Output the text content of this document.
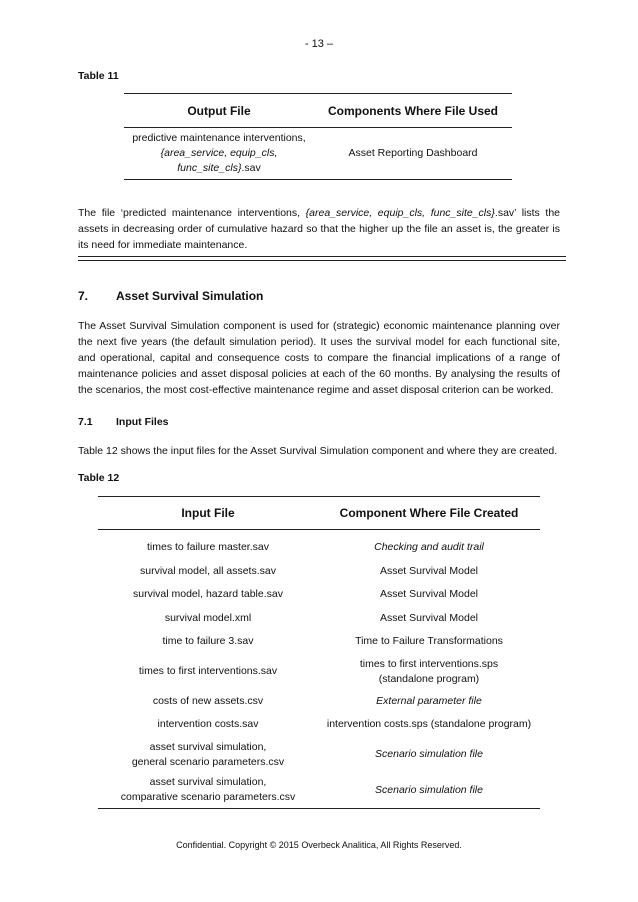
- 13 –
Table 11
Output File	Components Where File Used

predictive maintenance interventions,
{area_service, equip_cls,
func_site_cls}.sav	Asset Reporting Dashboard

The file ‘predicted maintenance interventions, {area_service, equip_cls, func_site_cls}.sav’ lists the assets in decreasing order of cumulative hazard so that the higher up the file an asset is, the greater is its need for immediate maintenance.

7. Asset Survival Simulation

The Asset Survival Simulation component is used for (strategic) economic maintenance planning over the next five years (the default simulation period). It uses the survival model for each functional site, and operational, capital and consequence costs to compare the financial implications of a range of maintenance policies and asset disposal policies at each of the 60 months. By analysing the results of the scenarios, the most cost-effective maintenance regime and asset disposal criterion can be worked.

7.1 Input Files

Table 12 shows the input files for the Asset Survival Simulation component and where they are created.

Table 12
Input File	Component Where File Created

times to failure master.sav	Checking and audit trail

survival model, all assets.sav	Asset Survival Model

survival model, hazard table.sav	Asset Survival Model

survival model.xml	Asset Survival Model

time to failure 3.sav	Time to Failure Transformations

times to first interventions.sav	times to first interventions.sps
(standalone program)

costs of new assets.csv	External parameter file

intervention costs.sav	intervention costs.sps (standalone program)

asset survival simulation,
general scenario parameters.csv	Scenario simulation file

asset survival simulation,
comparative scenario parameters.csv	Scenario simulation file
Confidential. Copyright © 2015 Overbeck Analitica, All Rights Reserved.
